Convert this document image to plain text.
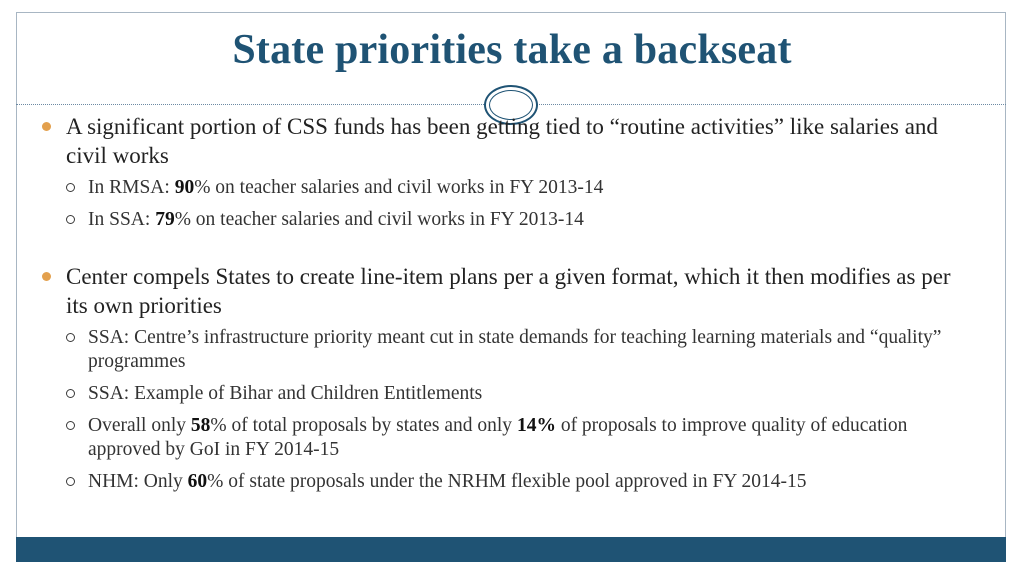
State priorities take a backseat
A significant portion of CSS funds has been getting tied to “routine activities” like salaries and civil works
In RMSA: 90% on teacher salaries and civil works in FY 2013-14
In SSA: 79% on teacher salaries and civil works in FY 2013-14
Center compels States to create line-item plans per a given format, which it then modifies as per its own priorities
SSA: Centre’s infrastructure priority meant cut in state demands for teaching learning materials and “quality” programmes
SSA: Example of Bihar and Children Entitlements
Overall only 58% of total proposals by states and only 14% of proposals to improve quality of education approved by GoI in FY 2014-15
NHM: Only 60% of state proposals under the NRHM flexible pool approved in FY 2014-15
